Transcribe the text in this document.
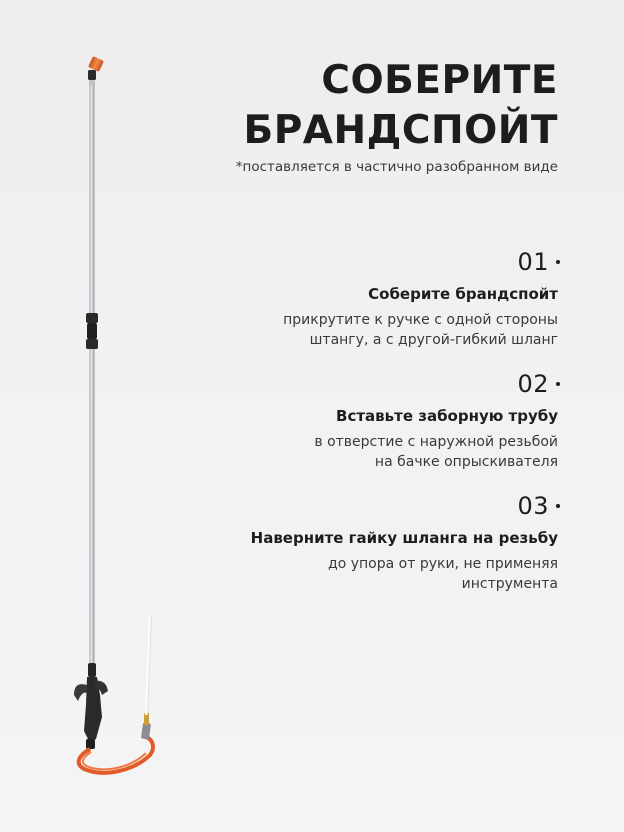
СОБЕРИТЕ
БРАНДСПОЙТ
*поставляется в частично разобранном виде
01
Соберите брандспойт
прикрутите к ручке с одной стороны
штангу, а с другой-гибкий шланг
02
Вставьте заборную трубу
в отверстие с наружной резьбой
на бачке опрыскивателя
03
Наверните гайку шланга на резьбу
до упора от руки, не применяя
инструмента
